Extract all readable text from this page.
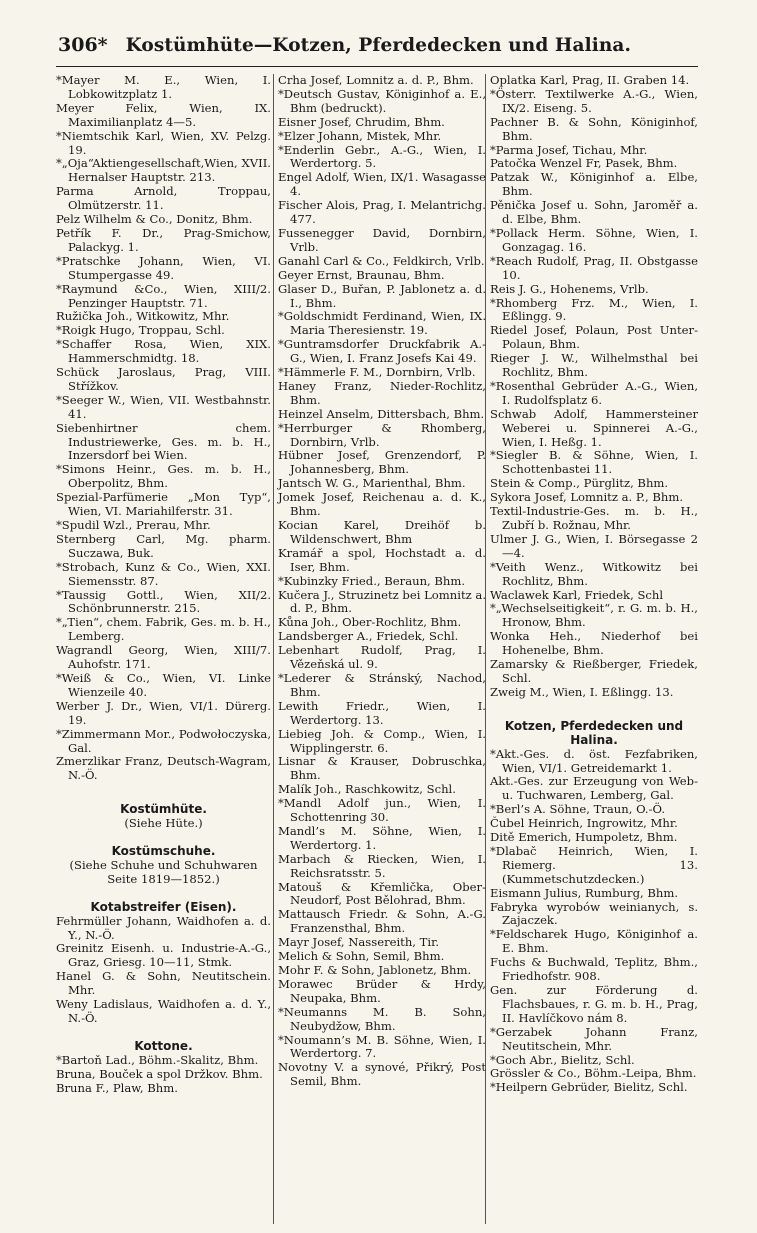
306* Kostümhüte—Kotzen, Pferdedecken und Halina.
*Mayer M. E., Wien, I. Lobkowitzplatz 1.
Meyer Felix, Wien, IX. Maximilianplatz 4—5.
*Niemtschik Karl, Wien, XV. Pelzg. 19.
*„Oja“Aktiengesellschaft,Wien, XVII. Hernalser Hauptstr. 213.
Parma Arnold, Troppau, Olmützerstr. 11.
Pelz Wilhelm & Co., Donitz, Bhm.
Petřík F. Dr., Prag-Smichow, Palackyg. 1.
*Pratschke Johann, Wien, VI. Stumpergasse 49.
*Raymund &Co., Wien, XIII/2. Penzinger Hauptstr. 71.
Ružička Joh., Witkowitz, Mhr.
*Roigk Hugo, Troppau, Schl.
*Schaffer Rosa, Wien, XIX. Hammerschmidtg. 18.
Schück Jaroslaus, Prag, VIII. Střížkov.
*Seeger W., Wien, VII. Westbahnstr. 41.
Siebenhirtner chem. Industriewerke, Ges. m. b. H., Inzersdorf bei Wien.
*Simons Heinr., Ges. m. b. H., Oberpolitz, Bhm.
Spezial-Parfümerie „Mon Typ“, Wien, VI. Mariahilferstr. 31.
*Spudil Wzl., Prerau, Mhr.
Sternberg Carl, Mg. pharm. Suczawa, Buk.
*Strobach, Kunz & Co., Wien, XXI. Siemensstr. 87.
*Taussig Gottl., Wien, XII/2. Schönbrunnerstr. 215.
*„Tien“, chem. Fabrik, Ges. m. b. H., Lemberg.
Wagrandl Georg, Wien, XIII/7. Auhofstr. 171.
*Weiß & Co., Wien, VI. Linke Wienzeile 40.
Werber J. Dr., Wien, VI/1. Dürerg. 19.
*Zimmermann Mor., Podwołoczyska, Gal.
Zmerzlikar Franz, Deutsch-Wagram, N.-Ö.
Kostümhüte.
(Siehe Hüte.)
Kostümschuhe.
(Siehe Schuhe und Schuhwaren Seite 1819—1852.)
Kotabstreifer (Eisen).
Fehrmüller Johann, Waidhofen a. d. Y., N.-Ö.
Greinitz Eisenh. u. Industrie-A.-G., Graz, Griesg. 10—11, Stmk.
Hanel G. & Sohn, Neutitschein. Mhr.
Weny Ladislaus, Waidhofen a. d. Y., N.-Ö.
Kottone.
*Bartoň Lad., Böhm.-Skalitz, Bhm.
Bruna, Bouček a spol Držkov. Bhm.
Bruna F., Plaw, Bhm.
Crha Josef, Lomnitz a. d. P., Bhm.
*Deutsch Gustav, Königinhof a. E., Bhm (bedruckt).
Eisner Josef, Chrudim, Bhm.
*Elzer Johann, Mistek, Mhr.
*Enderlin Gebr., A.-G., Wien, I. Werdertorg. 5.
Engel Adolf, Wien, IX/1. Wasagasse 4.
Fischer Alois, Prag, I. Melantrichg. 477.
Fussenegger David, Dornbirn, Vrlb.
Ganahl Carl & Co., Feldkirch, Vrlb.
Geyer Ernst, Braunau, Bhm.
Glaser D., Buřan, P. Jablonetz a. d. I., Bhm.
*Goldschmidt Ferdinand, Wien, IX. Maria Theresienstr. 19.
*Guntramsdorfer Druckfabrik A.-G., Wien, I. Franz Josefs Kai 49.
*Hämmerle F. M., Dornbirn, Vrlb.
Haney Franz, Nieder-Rochlitz, Bhm.
Heinzel Anselm, Dittersbach, Bhm.
*Herrburger & Rhomberg, Dornbirn, Vrlb.
Hübner Josef, Grenzendorf, P. Johannesberg, Bhm.
Jantsch W. G., Marienthal, Bhm.
Jomek Josef, Reichenau a. d. K., Bhm.
Kocian Karel, Dreihöf b. Wildenschwert, Bhm
Kramář a spol, Hochstadt a. d. Iser, Bhm.
*Kubinzky Fried., Beraun, Bhm.
Kučera J., Struzinetz bei Lomnitz a. d. P., Bhm.
Kůna Joh., Ober-Rochlitz, Bhm.
Landsberger A., Friedek, Schl.
Lebenhart Rudolf, Prag, I. Vězeňská ul. 9.
*Lederer & Stránský, Nachod, Bhm.
Lewith Friedr., Wien, I. Werdertorg. 13.
Liebieg Joh. & Comp., Wien, I. Wipplingerstr. 6.
Lisnar & Krauser, Dobruschka, Bhm.
Malík Joh., Raschkowitz, Schl.
*Mandl Adolf jun., Wien, I. Schottenring 30.
Mandl’s M. Söhne, Wien, I. Werdertorg. 1.
Marbach & Riecken, Wien, I. Reichsratsstr. 5.
Matouš & Křemlička, Ober-Neudorf, Post Bělohrad, Bhm.
Mattausch Friedr. & Sohn, A.-G. Franzensthal, Bhm.
Mayr Josef, Nassereith, Tir.
Melich & Sohn, Semil, Bhm.
Mohr F. & Sohn, Jablonetz, Bhm.
Morawec Brüder & Hrdy, Neupaka, Bhm.
*Neumanns M. B. Sohn, Neubydžow, Bhm.
*Noumann’s M. B. Söhne, Wien, I. Werdertorg. 7.
Novotny V. a synové, Přikrý, Post Semil, Bhm.
Oplatka Karl, Prag, II. Graben 14.
*Österr. Textilwerke A.-G., Wien, IX/2. Eiseng. 5.
Pachner B. & Sohn, Königinhof, Bhm.
*Parma Josef, Tichau, Mhr.
Patočka Wenzel Fr, Pasek, Bhm.
Patzak W., Königinhof a. Elbe, Bhm.
Pěnička Josef u. Sohn, Jaroměř a. d. Elbe, Bhm.
*Pollack Herm. Söhne, Wien, I. Gonzagag. 16.
*Reach Rudolf, Prag, II. Obstgasse 10.
Reis J. G., Hohenems, Vrlb.
*Rhomberg Frz. M., Wien, I. Eßlingg. 9.
Riedel Josef, Polaun, Post Unter-Polaun, Bhm.
Rieger J. W., Wilhelmsthal bei Rochlitz, Bhm.
*Rosenthal Gebrüder A.-G., Wien, I. Rudolfsplatz 6.
Schwab Adolf, Hammersteiner Weberei u. Spinnerei A.-G., Wien, I. Heßg. 1.
*Siegler B. & Söhne, Wien, I. Schottenbastei 11.
Stein & Comp., Pürglitz, Bhm.
Sykora Josef, Lomnitz a. P., Bhm.
Textil-Industrie-Ges. m. b. H., Zubří b. Rožnau, Mhr.
Ulmer J. G., Wien, I. Börsegasse 2—4.
*Veith Wenz., Witkowitz bei Rochlitz, Bhm.
Waclawek Karl, Friedek, Schl
*„Wechselseitigkeit“, r. G. m. b. H., Hronow, Bhm.
Wonka Heh., Niederhof bei Hohenelbe, Bhm.
Zamarsky & Rießberger, Friedek, Schl.
Zweig M., Wien, I. Eßlingg. 13.
Kotzen, Pferdedecken und Halina.
*Akt.-Ges. d. öst. Fezfabriken, Wien, VI/1. Getreidemarkt 1.
Akt.-Ges. zur Erzeugung von Web- u. Tuchwaren, Lemberg, Gal.
*Berl’s A. Söhne, Traun, O.-Ö.
Čubel Heinrich, Ingrowitz, Mhr.
Ditě Emerich, Humpoletz, Bhm.
*Dlabač Heinrich, Wien, I. Riemerg. 13. (Kummetschutzdecken.)
Eismann Julius, Rumburg, Bhm.
Fabryka wyrobów weinianych, s. Zajaczek.
*Feldscharek Hugo, Königinhof a. E. Bhm.
Fuchs & Buchwald, Teplitz, Bhm., Friedhofstr. 908.
Gen. zur Förderung d. Flachsbaues, r. G. m. b. H., Prag, II. Havlíčkovo nám 8.
*Gerzabek Johann Franz, Neutitschein, Mhr.
*Goch Abr., Bielitz, Schl.
Grössler & Co., Böhm.-Leipa, Bhm.
*Heilpern Gebrüder, Bielitz, Schl.
